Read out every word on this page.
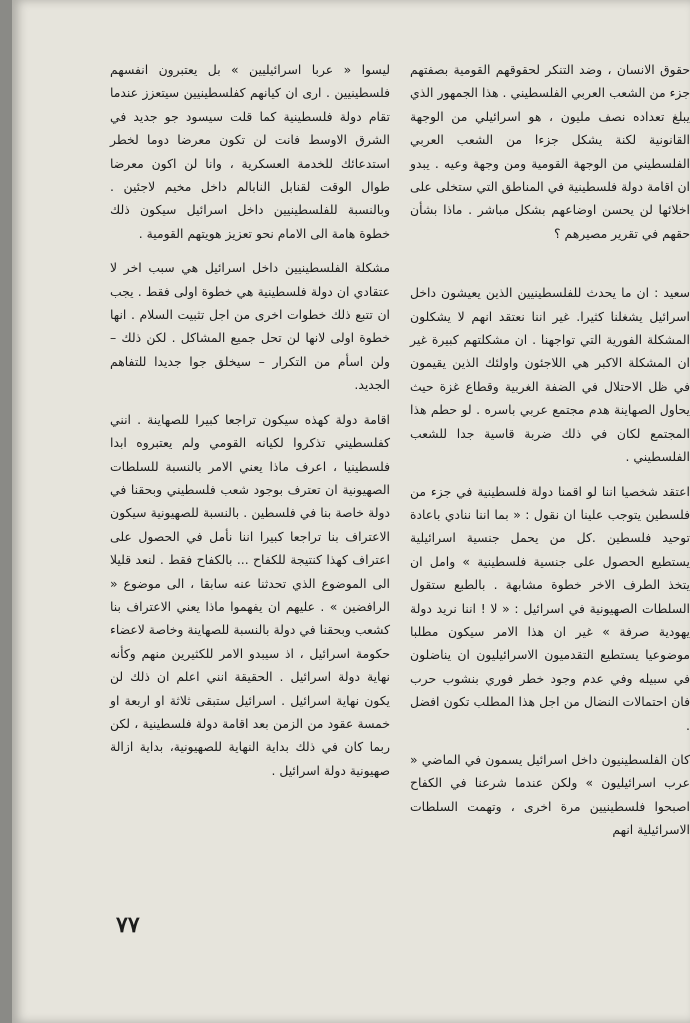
حقوق الانسان ، وضد التنكر لحقوقهم القومية بصفتهم جزء من الشعب العربي الفلسطيني . هذا الجمهور الذي يبلغ تعداده نصف مليون ، هو اسرائيلي من الوجهة القانونية لكنة يشكل جزءا من الشعب العربي الفلسطيني من الوجهة القومية ومن وجهة وعيه . يبدو ان اقامة دولة فلسطينية في المناطق التي ستخلى على اخلائها لن يحسن اوضاعهم بشكل مباشر . ماذا بشأن حقهم في تقرير مصيرهم ؟

سعيد : ان ما يحدث للفلسطينيين الذين يعيشون داخل اسرائيل يشغلنا كثيرا. غير اننا نعتقد انهم لا يشكلون المشكلة الفورية التي تواجهنا . ان مشكلتهم كبيرة غير ان المشكلة الاكبر هي اللاجئون واولئك الذين يقيمون في ظل الاحتلال في الضفة الغربية وقطاع غزة حيث يحاول الصهاينة هدم مجتمع عربي باسره . لو حطم هذا المجتمع لكان في ذلك ضربة قاسية جدا للشعب الفلسطيني .

اعتقد شخصيا اننا لو اقمنا دولة فلسطينية في جزء من فلسطين يتوجب علينا ان نقول : « بما اننا ننادي باعادة توحيد فلسطين .كل من يحمل جنسية اسرائيلية يستطيع الحصول على جنسية فلسطينية » وامل ان يتخذ الطرف الاخر خطوة مشابهة . بالطبع ستقول السلطات الصهيونية في اسرائيل : « لا ! اننا نريد دولة يهودية صرفة » غير ان هذا الامر سيكون مطلبا موضوعيا يستطيع التقدميون الاسرائيليون ان يناضلون في سبيله وفي عدم وجود خطر فوري بنشوب حرب فان احتمالات النضال من اجل هذا المطلب تكون افضل .

كان الفلسطينيون داخل اسرائيل يسمون في الماضي « عرب اسرائيليون » ولكن عندما شرعنا في الكفاح اصبحوا فلسطينيين مرة اخرى ، وتهمت السلطات الاسرائيلية انهم

ليسوا « عربا اسرائيليين » بل يعتبرون انفسهم فلسطينيين . ارى ان كيانهم كفلسطينيين سيتعزز عندما تقام دولة فلسطينية كما قلت سيسود جو جديد في الشرق الاوسط فانت لن تكون معرضا دوما لخطر استدعائك للخدمة العسكرية ، وانا لن اكون معرضا طوال الوقت لقنابل النابالم داخل مخيم لاجئين . وبالنسبة للفلسطينيين داخل اسرائيل سيكون ذلك خطوة هامة الى الامام نحو تعزيز هويتهم القومية .

مشكلة الفلسطينيين داخل اسرائيل هي سبب اخر لا عتقادي ان دولة فلسطينية هي خطوة اولى فقط . يجب ان تتبع ذلك خطوات اخرى من اجل تثبيت السلام . انها خطوة اولى لانها لن تحل جميع المشاكل . لكن ذلك – ولن اسأم من التكرار – سيخلق جوا جديدا للتفاهم الجديد.

اقامة دولة كهذه سيكون تراجعا كبيرا للصهاينة . انني كفلسطيني تذكروا لكيانه القومي ولم يعتبروه ابدا فلسطينيا ، اعرف ماذا يعني الامر بالنسبة للسلطات الصهيونية ان تعترف بوجود شعب فلسطيني وبحقنا في دولة خاصة بنا في فلسطين . بالنسبة للصهيونية سيكون الاعتراف بنا تراجعا كبيرا اننا نأمل في الحصول على اعتراف كهذا كنتيجة للكفاح ... بالكفاح فقط . لنعد قليلا الى الموضوع الذي تحدثنا عنه سابقا ، الى موضوع « الرافضين » . عليهم ان يفهموا ماذا يعني الاعتراف بنا كشعب وبحقنا في دولة بالنسبة للصهاينة وخاصة لاعضاء حكومة اسرائيل ، اذ سيبدو الامر للكثيرين منهم وكأنه نهاية دولة اسرائيل . الحقيقة انني اعلم ان ذلك لن يكون نهاية اسرائيل . اسرائيل ستبقى ثلاثة او اربعة او خمسة عقود من الزمن بعد اقامة دولة فلسطينية ، لكن ربما كان في ذلك بداية النهاية للصهيونية، بداية ازالة صهيونية دولة اسرائيل .

٧٧
